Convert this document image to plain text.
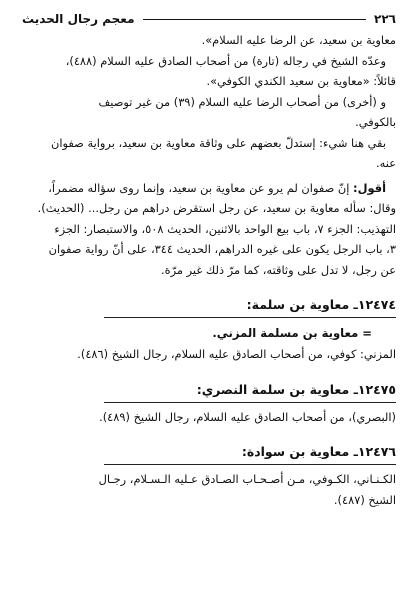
٢٢٦
معجم رجال الحديث

معاوية بن سعيد، عن الرضا عليه السلام».

وعدّه الشيخ في رجاله (تارة) من أصحاب الصادق عليه السلام (٤٨٨)،

قائلاً: «معاوية بن سعيد الكندي الكوفي».

و (أخرى) من أصحاب الرضا عليه السلام (٣٩) من غير توصيف

بالكوفي.

بقي هنا شيء: إستدلّ بعضهم على وثاقة معاوية بن سعيد، برواية صفوان

عنه.

أقول: إنّ صفوان لم يرو عن معاوية بن سعيد، وإنما روى سؤاله مضمراً،

وقال: سأله معاوية بن سعيد، عن رجل استقرض دراهم من رجل... (الحديث).

التهذيب: الجزء ٧، باب بيع الواحد بالاثنين، الحديث ٥٠٨، والاستبصار: الجزء

٣، باب الرجل يكون على غيره الدراهم، الحديث ٣٤٤، على أنّ رواية صفوان

عن رجل، لا تدل على وثاقته، كما مرّ ذلك غير مرّة.

١٢٤٧٤ـ معاوية بن سلمة:

= معاوية بن مسلمة المزني.

المزني: كوفي، من أصحاب الصادق عليه السلام، رجال الشيخ (٤٨٦).

١٢٤٧٥ـ معاوية بن سلمة النصري:

(البصري)، من أصحاب الصادق عليه السلام، رجال الشيخ (٤٨٩).

١٢٤٧٦ـ معاوية بن سوادة:

الكـنـاني، الكـوفي، مـن أصـحـاب الصـادق عـليه الـسـلام، رجـال

الشيخ (٤٨٧).
